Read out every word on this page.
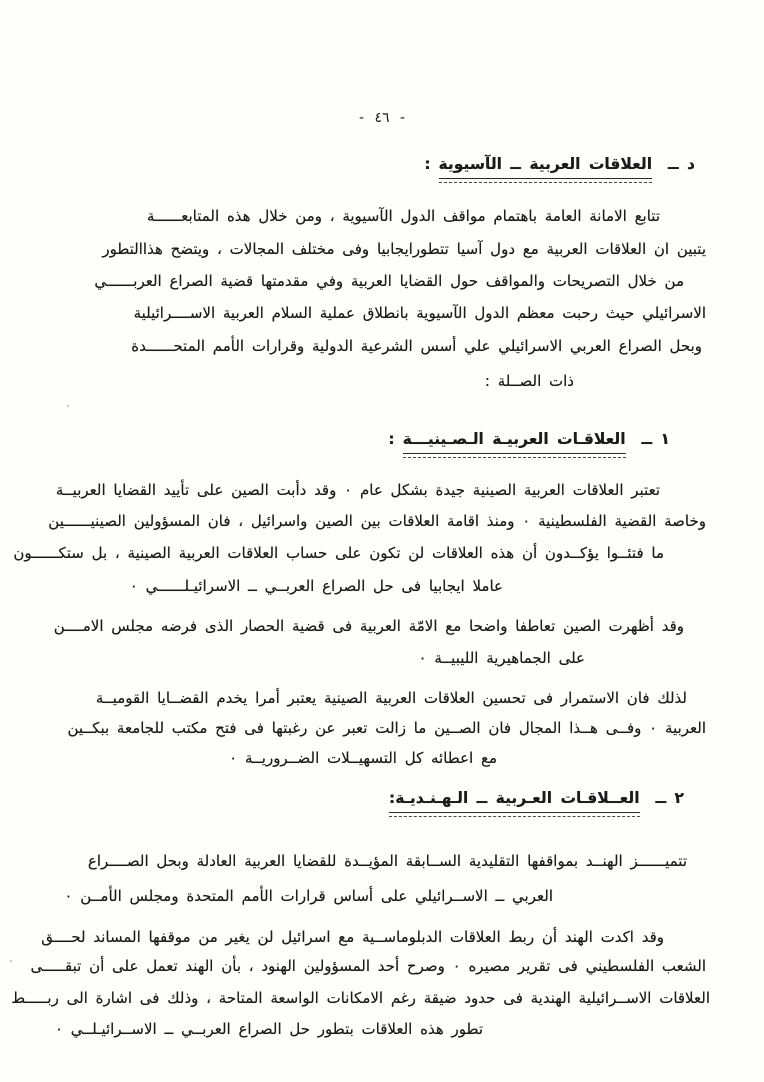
- ٤٦ -
د ــالعلاقات العربية ــ الآسيوية:
تتابع الامانة العامة باهتمام مواقف الدول الآسيوية ، ومن خلال هذه المتابعــــــة
يتبين ان العلاقات العربية مع دول آسيا تتطورايجابيا وفى مختلف المجالات ، ويتضح هذاالتطور
من خلال التصريحات والمواقف حول القضايا العربية وفي مقدمتها قضية الصراع العربــــــي
الاسرائيلي حيث رحبت معظم الدول الآسيوية بانطلاق عملية السلام العربية الاســــرائيلية
وبحل الصراع العربي الاسرائيلي علي أسس الشرعية الدولية وقرارات الأمم المتحــــــدة
ذات الصــلة :
١ ــالعلاقـات العربيـة الـصـينيـــة:
تعتبر العلاقات العربية الصينية جيدة بشكل عام ٠ وقد دأبت الصين على تأييد القضايا العربيــة
وخاصة القضية الفلسطينية ٠ ومنذ اقامة العلاقات بين الصين واسرائيل ، فان المسؤولين الصينيــــــين
ما فتئــوا يؤكــدون أن هذه العلاقات لن تكون على حساب العلاقات العربية الصينية ، بل ستكــــــون
عاملا ايجابيا فى حل الصراع العربــي ــ الاسرائيـلــــــي ٠
وقد أظهرت الصين تعاطفا واضحا مع الامّة العربية فى قضية الحصار الذى فرضه مجلس الامــــن
على الجماهيرية الليبيــة ٠
لذلك فان الاستمرار فى تحسين العلاقات العربية الصينية يعتبر أمرا يخدم القضــايا القوميــة
العربية ٠ وفــى هــذا المجال فان الصــين ما زالت تعبر عن رغبتها فى فتح مكتب للجامعة ببكــين
مع اعطائه كل التسهيــلات الضــروريــة ٠
٢ ــالعــلاقـات العـربية ــ الـهـنـديـة:
تتميــــــز الهنــد بمواقفها التقليدية الســابقة المؤيــدة للقضايا العربية العادلة وبحل الصــــراع
العربي ــ الاســرائيلي على أساس قرارات الأمم المتحدة ومجلس الأمــن ٠
وقد اكدت الهند أن ربط العلاقات الدبلوماســية مع اسرائيل لن يغير من موقفها المساند لحــــق
الشعب الفلسطيني فى تقرير مصيره ٠ وصرح أحد المسؤولين الهنود ، بأن الهند تعمل على أن تبقـــــى
العلاقات الاســرائيلية الهندية فى حدود ضيقة رغم الامكانات الواسعة المتاحة ، وذلك فى اشارة الى ربـــــط
تطور هذه العلاقات بتطور حل الصراع العربــي ــ الاســرائيـلــي ٠
